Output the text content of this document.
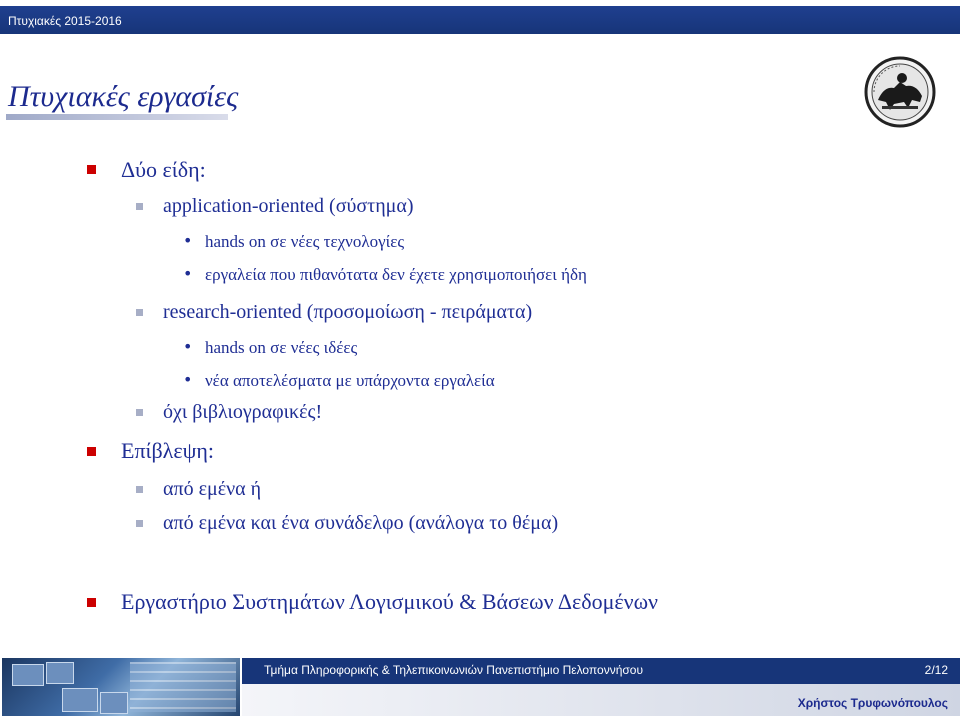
Πτυχιακές 2015-2016
Πτυχιακές εργασίες
Δύο είδη:
application-oriented (σύστημα)
• hands on σε νέες τεχνολογίες
• εργαλεία που πιθανότατα δεν έχετε χρησιμοποιήσει ήδη
research-oriented (προσομοίωση - πειράματα)
• hands on σε νέες ιδέες
• νέα αποτελέσματα με υπάρχοντα εργαλεία
όχι βιβλιογραφικές!
Επίβλεψη:
από εμένα ή
από εμένα και ένα συνάδελφο (ανάλογα το θέμα)
Εργαστήριο Συστημάτων Λογισμικού & Βάσεων Δεδομένων
Τμήμα Πληροφορικής & Τηλεπικοινωνιών Πανεπιστήμιο Πελοποννήσου	2/12
Χρήστος Τρυφωνόπουλος
